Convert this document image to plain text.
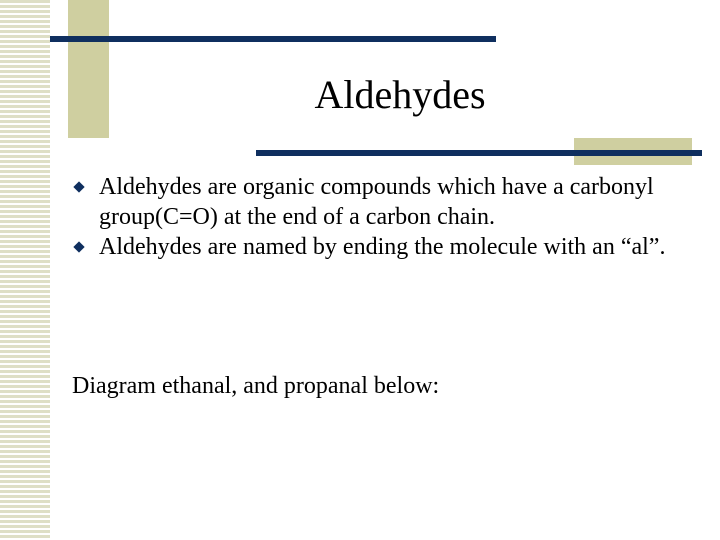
Aldehydes
Aldehydes are organic compounds which have a carbonyl group(C=O) at the end of a carbon chain.
Aldehydes are named by ending the molecule with an “al”.

Diagram ethanal, and propanal below:
